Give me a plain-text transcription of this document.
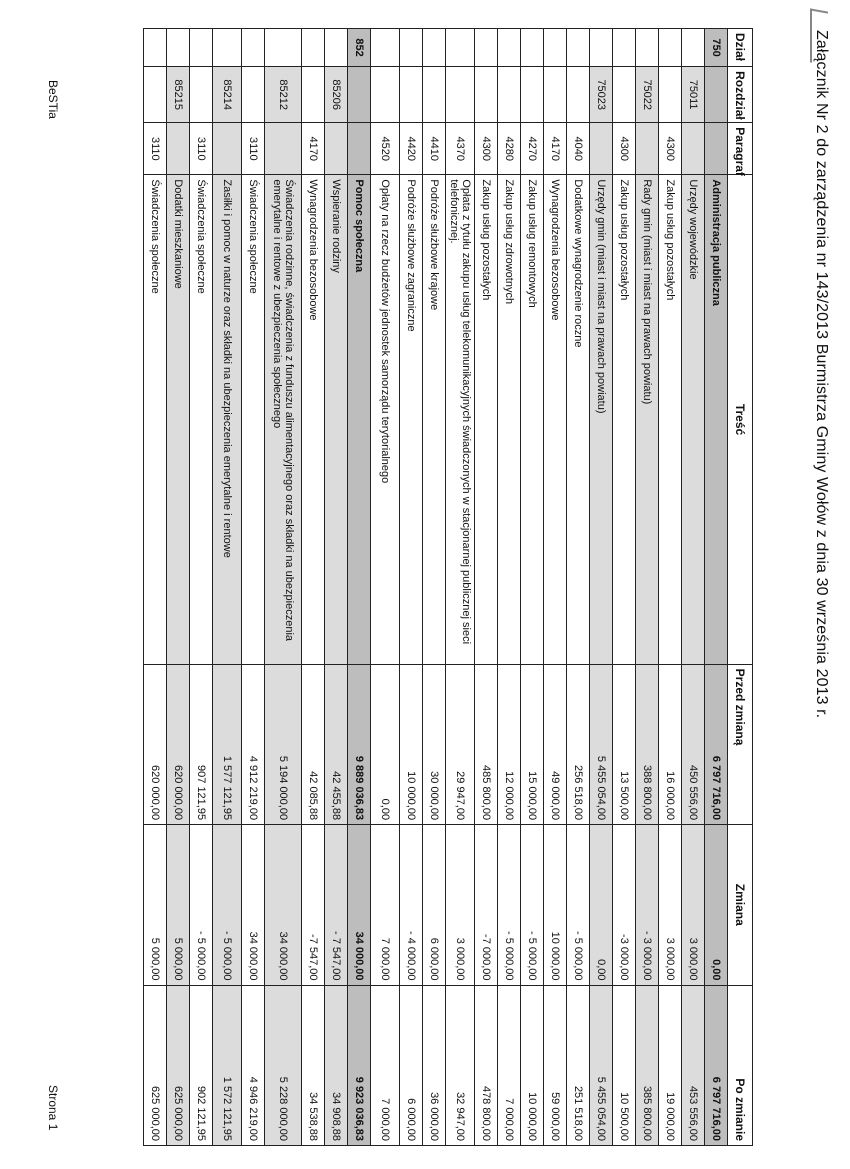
Załącznik Nr 2 do zarządzenia nr 143/2013 Burmistrza Gminy Wołów z dnia 30 września 2013 r.
Dział	Rozdział	Paragraf	Treść	Przed zmianą	Zmiana	Po zmianie
750			Administracja publiczna	6 797 716,00	0,00	6 797 716,00
	75011		Urzędy wojewódzkie	450 556,00	3 000,00	453 556,00
		4300	Zakup usług pozostałych	16 000,00	3 000,00	19 000,00
	75022		Rady gmin (miast i miast na prawach powiatu)	388 800,00	- 3 000,00	385 800,00
		4300	Zakup usług pozostałych	13 500,00	-3 000,00	10 500,00
	75023		Urzędy gmin (miast i miast na prawach powiatu)	5 455 054,00	0,00	5 455 054,00
		4040	Dodatkowe wynagrodzenie roczne	256 518,00	- 5 000,00	251 518,00
		4170	Wynagrodzenia bezosobowe	49 000,00	10 000,00	59 000,00
		4270	Zakup usług remontowych	15 000,00	- 5 000,00	10 000,00
		4280	Zakup usług zdrowotnych	12 000,00	- 5 000,00	7 000,00
		4300	Zakup usług pozostałych	485 800,00	-7 000,00	478 800,00
		4370	Opłata z tytułu zakupu usług telekomunikacyjnych świadczonych w stacjonarnej publicznej sieci telefonicznej.	29 947,00	3 000,00	32 947,00
		4410	Podróże służbowe krajowe	30 000,00	6 000,00	36 000,00
		4420	Podróże służbowe zagraniczne	10 000,00	- 4 000,00	6 000,00
		4520	Opłaty na rzecz budżetów jednostek samorządu terytorialnego	0,00	7 000,00	7 000,00
852			Pomoc społeczna	9 889 036,83	34 000,00	9 923 036,83
	85206		Wspieranie rodziny	42 455,88	- 7 547,00	34 908,88
		4170	Wynagrodzenia bezosobowe	42 085,88	-7 547,00	34 538,88
	85212		Świadczenia rodzinne, świadczenia z funduszu alimentacyjnego oraz składki na ubezpieczenia emerytalne i rentowe z ubezpieczenia społecznego	5 194 000,00	34 000,00	5 228 000,00
		3110	Świadczenia społeczne	4 912 219,00	34 000,00	4 946 219,00
	85214		Zasiłki i pomoc w naturze oraz składki na ubezpieczenia emerytalne i rentowe	1 577 121,95	- 5 000,00	1 572 121,95
		3110	Świadczenia społeczne	907 121,95	- 5 000,00	902 121,95
	85215		Dodatki mieszkaniowe	620 000,00	5 000,00	625 000,00
		3110	Świadczenia społeczne	620 000,00	5 000,00	625 000,00
BeSTia
Strona 1
